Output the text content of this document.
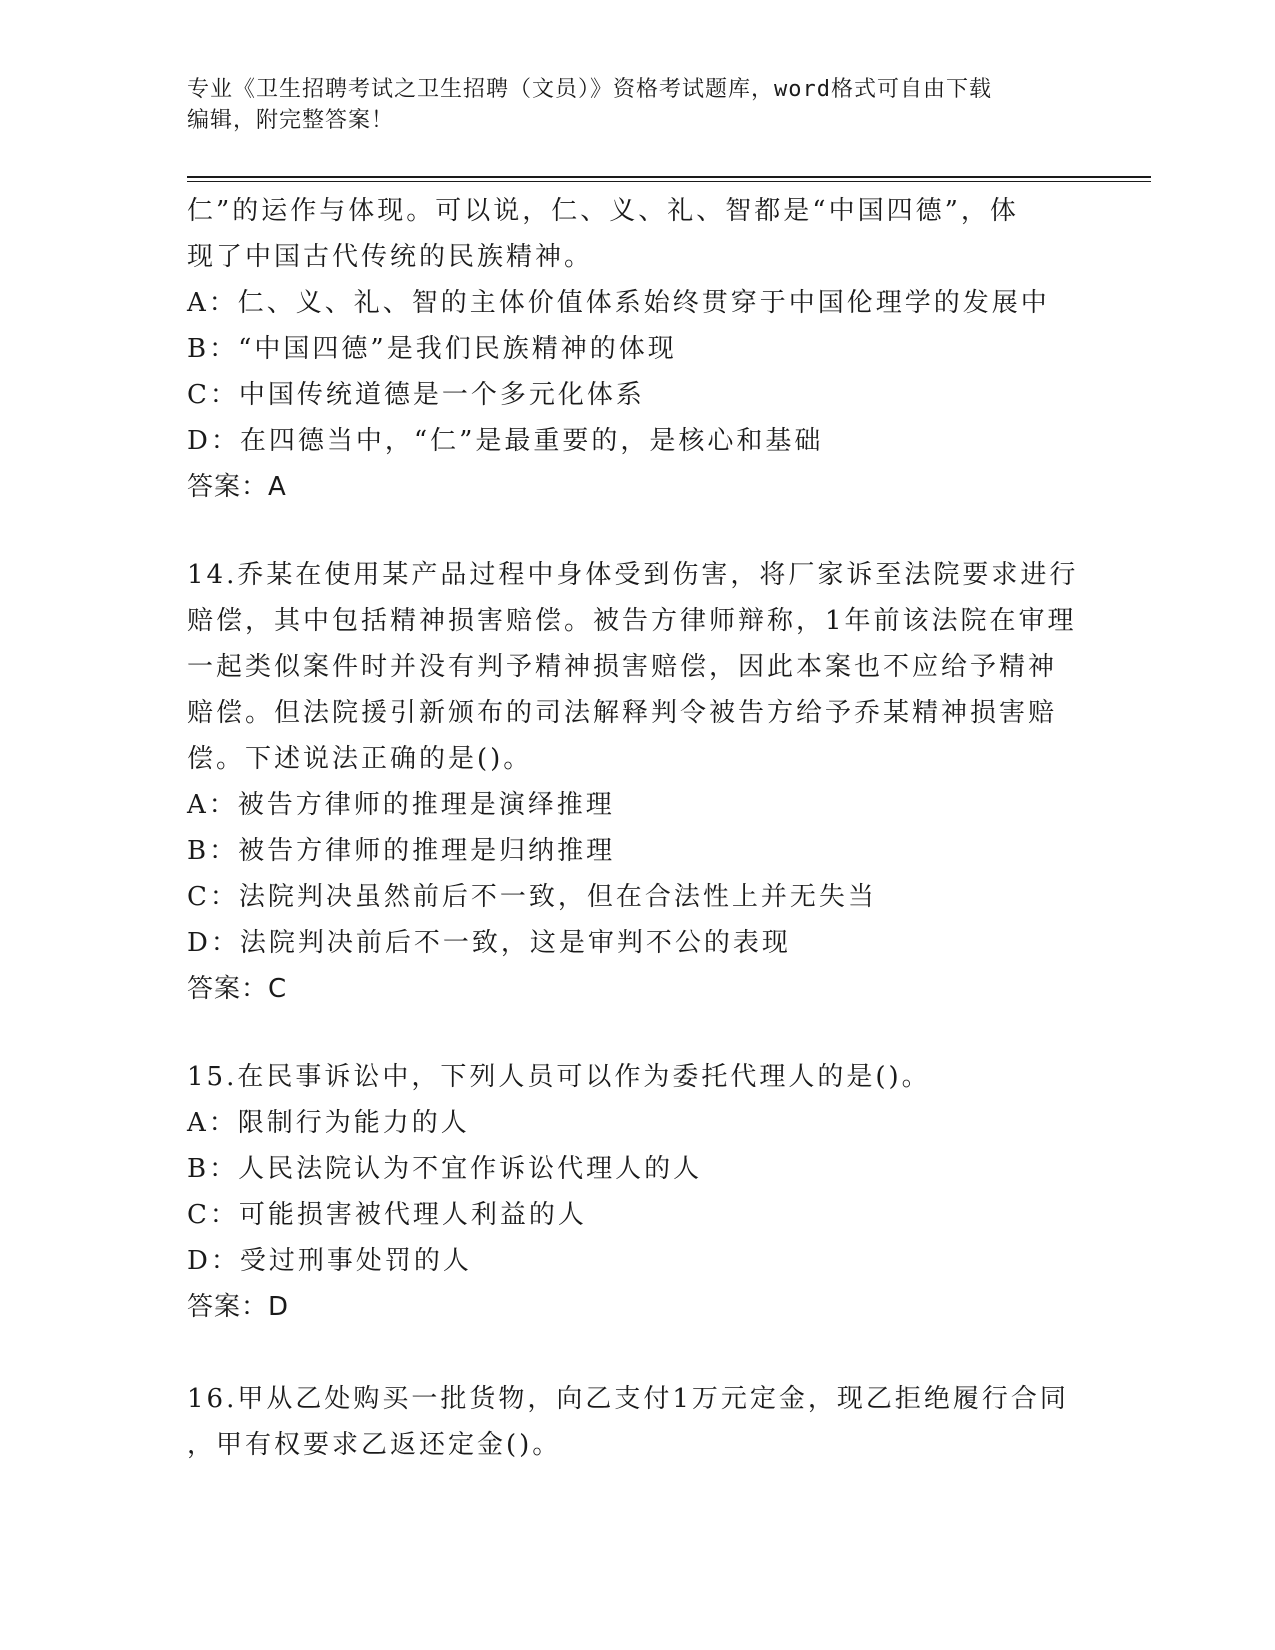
专业《卫生招聘考试之卫生招聘（文员）》资格考试题库，word格式可自由下载
编辑，附完整答案！
仁”的运作与体现。可以说，仁、义、礼、智都是“中国四德”，体
现了中国古代传统的民族精神。
A：仁、义、礼、智的主体价值体系始终贯穿于中国伦理学的发展中
B：“中国四德”是我们民族精神的体现
C：中国传统道德是一个多元化体系
D：在四德当中，“仁”是最重要的，是核心和基础
答案：A
14.乔某在使用某产品过程中身体受到伤害，将厂家诉至法院要求进行
赔偿，其中包括精神损害赔偿。被告方律师辩称，1年前该法院在审理
一起类似案件时并没有判予精神损害赔偿，因此本案也不应给予精神
赔偿。但法院援引新颁布的司法解释判令被告方给予乔某精神损害赔
偿。下述说法正确的是()。
A：被告方律师的推理是演绎推理
B：被告方律师的推理是归纳推理
C：法院判决虽然前后不一致，但在合法性上并无失当
D：法院判决前后不一致，这是审判不公的表现
答案：C
15.在民事诉讼中，下列人员可以作为委托代理人的是()。
A：限制行为能力的人
B：人民法院认为不宜作诉讼代理人的人
C：可能损害被代理人利益的人
D：受过刑事处罚的人
答案：D
16.甲从乙处购买一批货物，向乙支付1万元定金，现乙拒绝履行合同
，甲有权要求乙返还定金()。
